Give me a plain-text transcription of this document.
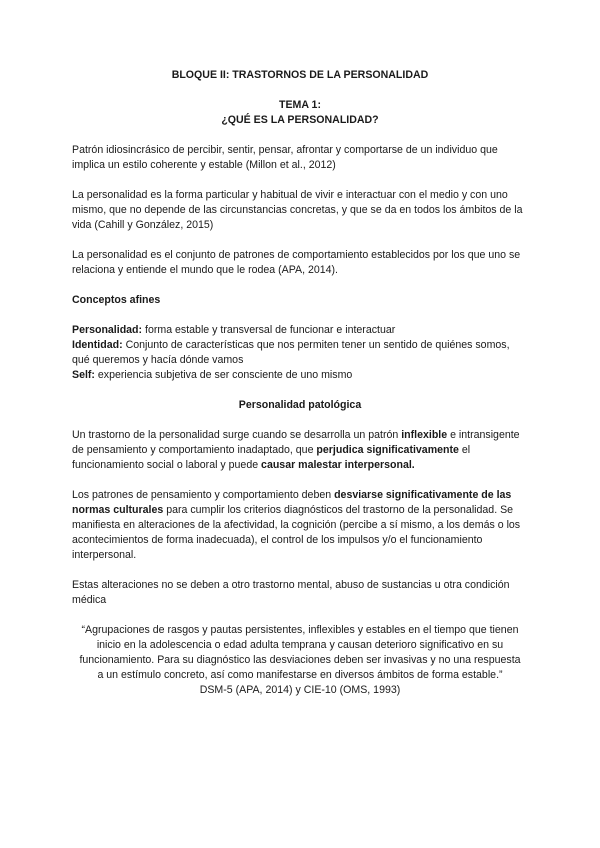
BLOQUE II: TRASTORNOS DE LA PERSONALIDAD

TEMA 1:

¿QUÉ ES LA PERSONALIDAD?

Patrón idiosincrásico de percibir, sentir, pensar, afrontar y comportarse de un individuo que implica un estilo coherente y estable (Millon et al., 2012)

La personalidad es la forma particular y habitual de vivir e interactuar con el medio y con uno mismo, que no depende de las circunstancias concretas, y que se da en todos los ámbitos de la vida (Cahill y González, 2015)

La personalidad es el conjunto de patrones de comportamiento establecidos por los que uno se relaciona y entiende el mundo que le rodea (APA, 2014).

Conceptos afines

Personalidad: forma estable y transversal de funcionar e interactuar

Identidad: Conjunto de características que nos permiten tener un sentido de quiénes somos, qué queremos y hacía dónde vamos

Self: experiencia subjetiva de ser consciente de uno mismo

Personalidad patológica

Un trastorno de la personalidad surge cuando se desarrolla un patrón inflexible e intransigente de pensamiento y comportamiento inadaptado, que perjudica significativamente el funcionamiento social o laboral y puede causar malestar interpersonal.

Los patrones de pensamiento y comportamiento deben desviarse significativamente de las normas culturales para cumplir los criterios diagnósticos del trastorno de la personalidad. Se manifiesta en alteraciones de la afectividad, la cognición (percibe a sí mismo, a los demás o los acontecimientos de forma inadecuada), el control de los impulsos y/o el funcionamiento interpersonal.

Estas alteraciones no se deben a otro trastorno mental, abuso de sustancias u otra condición médica

“Agrupaciones de rasgos y pautas persistentes, inflexibles y estables en el tiempo que tienen inicio en la adolescencia o edad adulta temprana y causan deterioro significativo en su funcionamiento. Para su diagnóstico las desviaciones deben ser invasivas y no una respuesta a un estímulo concreto, así como manifestarse en diversos ámbitos de forma estable.”

DSM-5 (APA, 2014) y CIE-10 (OMS, 1993)
